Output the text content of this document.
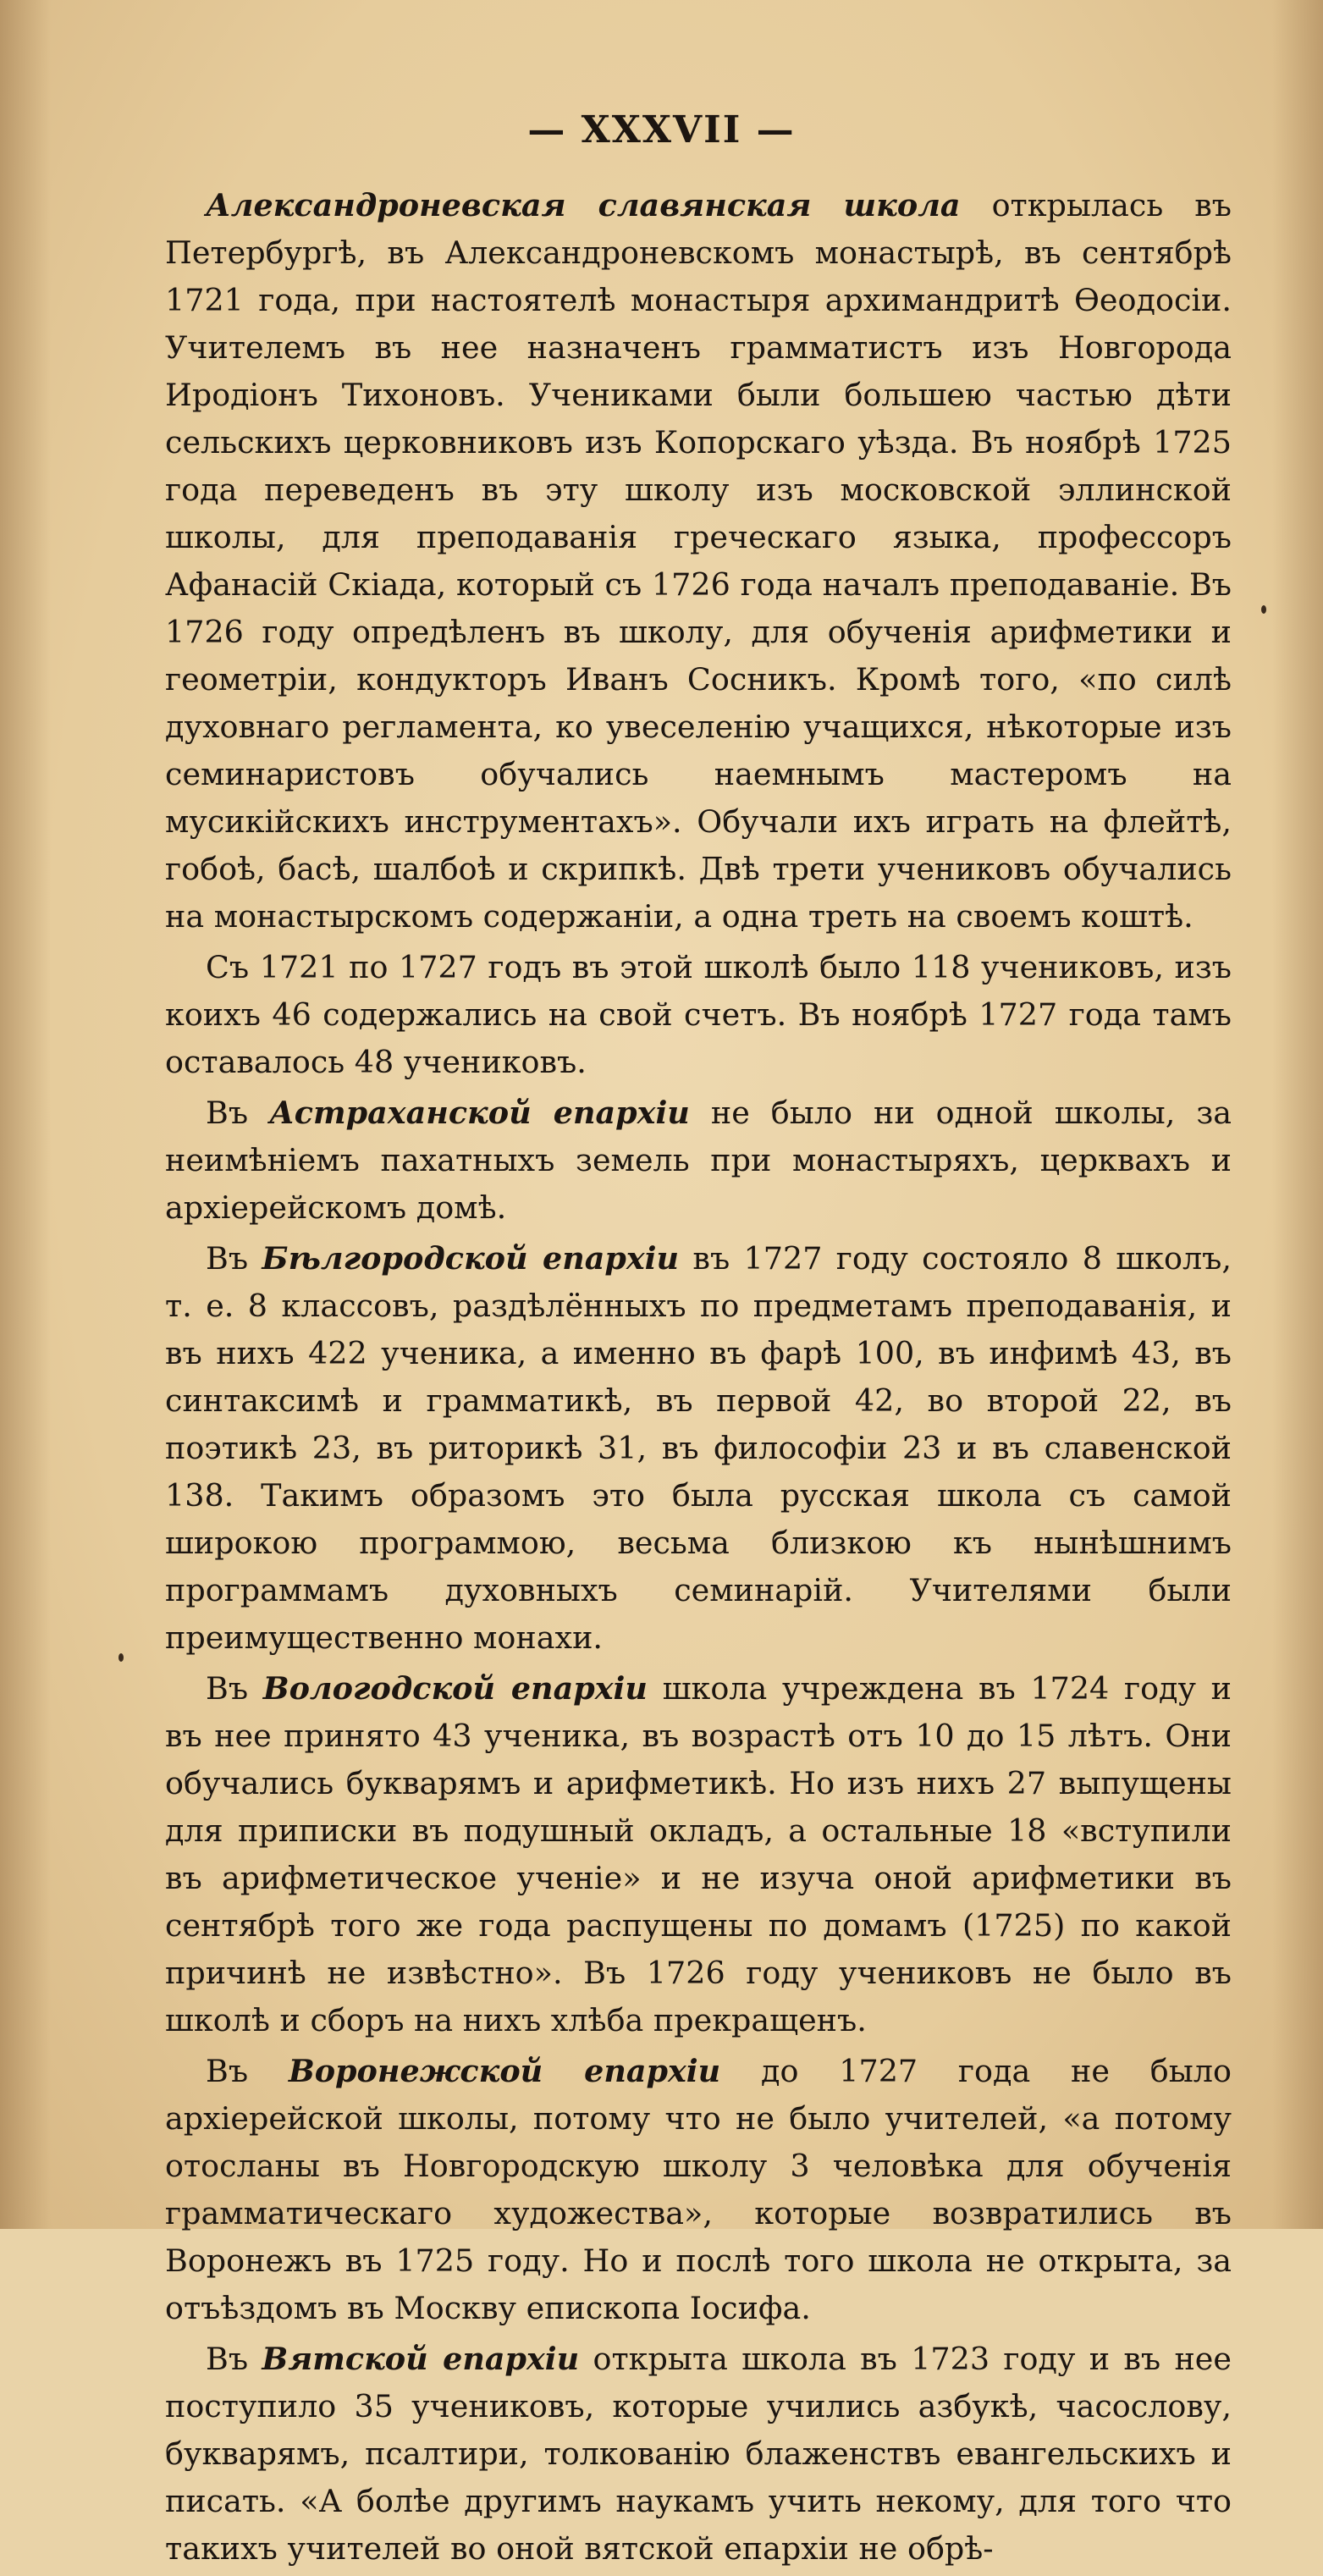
— XXXVII —

Александроневская славянская школа открылась въ Петербургѣ, въ Александроневскомъ монастырѣ, въ сентябрѣ 1721 года, при настоятелѣ монастыря архимандритѣ Ѳеодосіи. Учителемъ въ нее назначенъ грамматистъ изъ Новгорода Иродіонъ Тихоновъ. Учениками были большею частью дѣти сельскихъ церковниковъ изъ Копорскаго уѣзда. Въ ноябрѣ 1725 года переведенъ въ эту школу изъ московской эллинской школы, для преподаванія греческаго языка, профессоръ Афанасій Скіада, который съ 1726 года началъ преподаваніе. Въ 1726 году опредѣленъ въ школу, для обученія арифметики и геометріи, кондукторъ Иванъ Сосникъ. Кромѣ того, «по силѣ духовнаго регламента, ко увеселенію учащихся, нѣкоторые изъ семинаристовъ обучались наемнымъ мастеромъ на мусикійскихъ инструментахъ». Обучали ихъ играть на флейтѣ, гобоѣ, басѣ, шалбоѣ и скрипкѣ. Двѣ трети учениковъ обучались на монастырскомъ содержаніи, а одна треть на своемъ коштѣ.

Съ 1721 по 1727 годъ въ этой школѣ было 118 учениковъ, изъ коихъ 46 содержались на свой счетъ. Въ ноябрѣ 1727 года тамъ оставалось 48 учениковъ.

Въ Астраханской епархіи не было ни одной школы, за неимѣніемъ пахатныхъ земель при монастыряхъ, церквахъ и архіерейскомъ домѣ.

Въ Бѣлгородской епархіи въ 1727 году состояло 8 школъ, т. е. 8 классовъ, раздѣлённыхъ по предметамъ преподаванія, и въ нихъ 422 ученика, а именно въ фарѣ 100, въ инфимѣ 43, въ синтаксимѣ и грамматикѣ, въ первой 42, во второй 22, въ поэтикѣ 23, въ риторикѣ 31, въ философіи 23 и въ славенской 138. Такимъ образомъ это была русская школа съ самой широкою программою, весьма близкою къ нынѣшнимъ программамъ духовныхъ семинарій. Учителями были преимущественно монахи.

Въ Вологодской епархіи школа учреждена въ 1724 году и въ нее принято 43 ученика, въ возрастѣ отъ 10 до 15 лѣтъ. Они обучались букварямъ и арифметикѣ. Но изъ нихъ 27 выпущены для приписки въ подушный окладъ, а остальные 18 «вступили въ арифметическое ученіе» и не изуча оной арифметики въ сентябрѣ того же года распущены по домамъ (1725) по какой причинѣ не извѣстно». Въ 1726 году учениковъ не было въ школѣ и сборъ на нихъ хлѣба прекращенъ.

Въ Воронежской епархіи до 1727 года не было архіерейской школы, потому что не было учителей, «а потому отосланы въ Новгородскую школу 3 человѣка для обученія грамматическаго художества», которые возвратились въ Воронежъ въ 1725 году. Но и послѣ того школа не открыта, за отъѣздомъ въ Москву епископа Іосифа.

Въ Вятской епархіи открыта школа въ 1723 году и въ нее поступило 35 учениковъ, которые учились азбукѣ, часослову, букварямъ, псалтири, толкованію блаженствъ евангельскихъ и писать. «А болѣе другимъ наукамъ учить некому, для того что такихъ учителей во оной вятской епархіи не обрѣ-
